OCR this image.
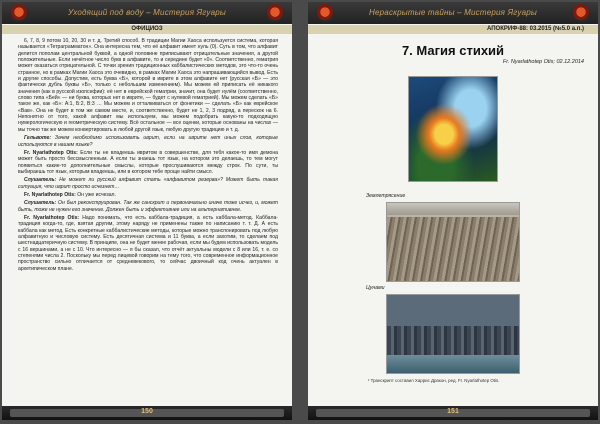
Уходящий под воду – Мистерия Ягуары
ОФИЦИОЗ

6, 7, 8, 9 потом 10, 20, 30 и т. д. Третий способ. В традиции Магии Хаоса используется система, которая называется «Тетраграмматон». Она интересна тем, что её алфавит имеет нуль (0). Суть в том, что алфавит делится пополам центральной буквой, а одной половине приписывают отрицательные значения, а другой положительные. Если нечётное число букв в алфавите, то и середине будет «0». Соответственно, гематрия может оказаться отрицательной. С точки зрения традиционных каббалистических методов, это что-то очень странное, но в рамках Магии Хаоса это очевидно, в рамках Магии Хаоса это напрашивающийся вывод. Есть и другие способы. Допустим, есть буква «Б», которой в иврите в этом алфавите нет (русская «Б» — это фактически дубль буквы «Б», только с небольшим изменением). Мы можем ей приписать её никакого значения (как в русской изопсефии): её нет в еврейской гематрии, значит, она будет нулём (соответственно, слово типа «Бей» — ни буква, которых нет в иврите, — будет с нулевой гематрией). Мы можем сделать «Б» такое же, как «Б»: А:1, Б:2, В:3 … Мы можем и отталкиваться от фонетики — сделать «Б» как еврейское «Вав». Она не будет в том же самом месте, и, соответственно, будет не 1, 2, 3 подряд, а перескок на 6. Непонятно от того, какой алфавит мы используем, мы можем подобрать какую-то подходящую нумерологическую и геометрическую систему. Всё остальное — все оценки, которые основаны на числах — мы точно так же можем конвертировать в любой другой язык, любую другую традицию и т. д.

Гельвоте: Зачем необходимо использовать иврит, если на иврите нет иных слов, которые используются в нашем языке?

Fr. Nyarlathotep Otis: Если ты не владеешь ивритом в совершенстве, для тебя какое-то имя демона может быть просто бессмысленным. А если ты знаешь тот язык, на котором это делаешь, то тем могут появиться какие-то дополнительные смыслы, которые прослушиваются между строк. По сути, ты выбираешь тот язык, которым владеешь, или в котором тебе проще найти смысл.

Слушатель: Не может ли русский алфавит стать «алфавитом резерва»? Может быть такая ситуация, что иврит просто исчезнет…

Fr. Nyarlathotep Otis: Он уже исчезал.

Слушатель: Он был реконструирован. Так же санскрит и первоначально иначе тоже исчез, и, может быть, тоже не нужен его значение. Должен быть и эффективнее или на альтернативнее.

Fr. Nyarlathotep Otis: Надо понимать, что есть каббала-традиция, а есть каббала-метод. Каббала-традиция когда-то, где, взятая другим, этому наряду не применены также по написанию т. т. Д. А есть каббала как метод. Есть конкретные каббалистические методы, которые можно транспонировать под любую алфавитную и числовую систему. Есть десятичная система и 11 буква, а если захотим, то сделаем под шестнадцатеричную систему. В принципе, она не будет менее рабочая, если мы будем использовать модель с 16 вершинами, а не с 10. Что интересно — я бы сказал, что отчёт актуальны модели с 8 или 16, т. е. со степенями числа 2. Поскольку мы перед лицевой говорим на тему того, что современное информационное пространство сильно отличается от средневекового, то сейчас двоичный код очень актуален в архетипическом плане.

150
Нераскрытые тайны – Мистерия Ягуары
АПОКРИФ-88: 03.2015 (№5.0 а.п.)
7. Магия стихий
Fr. Nyarlathotep Otis; 02.12.2014
Землетрясение
Цунами
¹ Транскрипт составил Харрис Дракон, ред. Fr. Nyarlathotep Otis.
151
